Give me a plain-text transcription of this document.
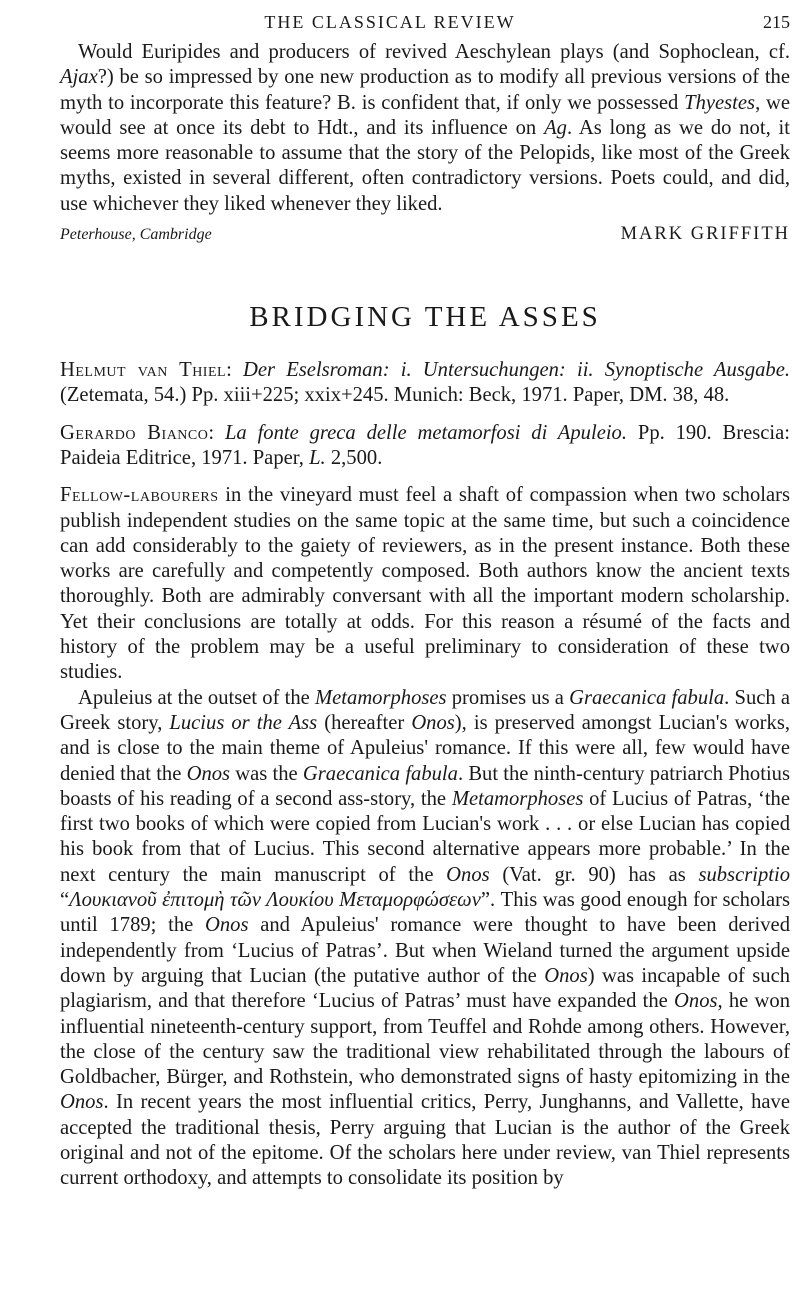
THE CLASSICAL REVIEW	215

Would Euripides and producers of revived Aeschylean plays (and Sophoclean, cf. Ajax?) be so impressed by one new production as to modify all previous versions of the myth to incorporate this feature? B. is confident that, if only we possessed Thyestes, we would see at once its debt to Hdt., and its influence on Ag. As long as we do not, it seems more reasonable to assume that the story of the Pelopids, like most of the Greek myths, existed in several different, often contradictory versions. Poets could, and did, use whichever they liked whenever they liked.

Peterhouse, Cambridge	MARK GRIFFITH
BRIDGING THE ASSES

Helmut van Thiel: Der Eselsroman: i. Untersuchungen: ii. Synoptische Ausgabe. (Zetemata, 54.) Pp. xiii+225; xxix+245. Munich: Beck, 1971. Paper, DM. 38, 48.

Gerardo Bianco: La fonte greca delle metamorfosi di Apuleio. Pp. 190. Brescia: Paideia Editrice, 1971. Paper, L. 2,500.

Fellow-labourers in the vineyard must feel a shaft of compassion when two scholars publish independent studies on the same topic at the same time, but such a coincidence can add considerably to the gaiety of reviewers, as in the present instance. Both these works are carefully and competently composed. Both authors know the ancient texts thoroughly. Both are admirably conversant with all the important modern scholarship. Yet their conclusions are totally at odds. For this reason a résumé of the facts and history of the problem may be a useful preliminary to consideration of these two studies.

Apuleius at the outset of the Metamorphoses promises us a Graecanica fabula. Such a Greek story, Lucius or the Ass (hereafter Onos), is preserved amongst Lucian's works, and is close to the main theme of Apuleius' romance. If this were all, few would have denied that the Onos was the Graecanica fabula. But the ninth-century patriarch Photius boasts of his reading of a second ass-story, the Metamorphoses of Lucius of Patras, ‘the first two books of which were copied from Lucian's work . . . or else Lucian has copied his book from that of Lucius. This second alternative appears more probable.’ In the next century the main manuscript of the Onos (Vat. gr. 90) has as subscriptio “Λουκιανοῦ ἐπιτομὴ τῶν Λουκίου Μεταμορφώσεων”. This was good enough for scholars until 1789; the Onos and Apuleius' romance were thought to have been derived independently from ‘Lucius of Patras’. But when Wieland turned the argument upside down by arguing that Lucian (the putative author of the Onos) was incapable of such plagiarism, and that therefore ‘Lucius of Patras’ must have expanded the Onos, he won influential nineteenth-century support, from Teuffel and Rohde among others. However, the close of the century saw the traditional view rehabilitated through the labours of Goldbacher, Bürger, and Rothstein, who demonstrated signs of hasty epitomizing in the Onos. In recent years the most influential critics, Perry, Junghanns, and Vallette, have accepted the traditional thesis, Perry arguing that Lucian is the author of the Greek original and not of the epitome. Of the scholars here under review, van Thiel represents current orthodoxy, and attempts to consolidate its position by
